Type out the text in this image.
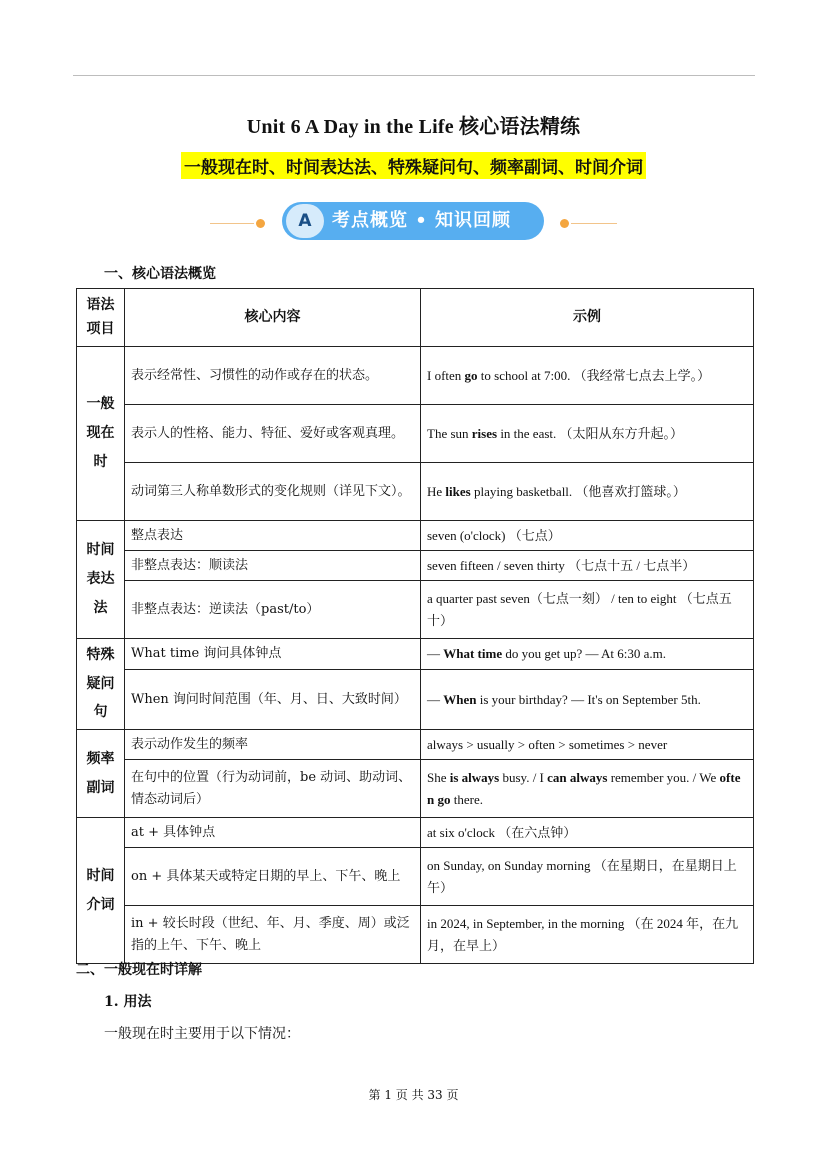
Unit 6 A Day in the Life 核心语法精练
一般现在时、时间表达法、特殊疑问句、频率副词、时间介词
A	考点概览 • 知识回顾
一、核心语法概览
语法项目	核心内容	示例
一般现在时	表示经常性、习惯性的动作或存在的状态。	I often go to school at 7:00. （我经常七点去上学。）
	表示人的性格、能力、特征、爱好或客观真理。	The sun rises in the east. （太阳从东方升起。）
	动词第三人称单数形式的变化规则（详见下文）。	He likes playing basketball. （他喜欢打篮球。）
时间表达法	整点表达	seven (o'clock) （七点）
	非整点表达：顺读法	seven fifteen / seven thirty （七点十五 / 七点半）
	非整点表达：逆读法（past/to）	a quarter past seven（七点一刻） / ten to eight （七点五十）
特殊疑问句	What time 询问具体钟点	— What time do you get up? — At 6:30 a.m.
	When 询问时间范围（年、月、日、大致时间）	— When is your birthday? — It's on September 5th.
频率副词	表示动作发生的频率	always > usually > often > sometimes > never
	在句中的位置（行为动词前，be 动词、助动词、情态动词后）	She is always busy. / I can always remember you. / We often go there.
时间介词	at + 具体钟点	at six o'clock （在六点钟）
	on + 具体某天或特定日期的早上、下午、晚上	on Sunday, on Sunday morning （在星期日，在星期日上午）
	in + 较长时段（世纪、年、月、季度、周）或泛指的上午、下午、晚上	in 2024, in September, in the morning （在 2024 年，在九月，在早上）
二、一般现在时详解
1. 用法
一般现在时主要用于以下情况：
第 1 页 共 33 页
